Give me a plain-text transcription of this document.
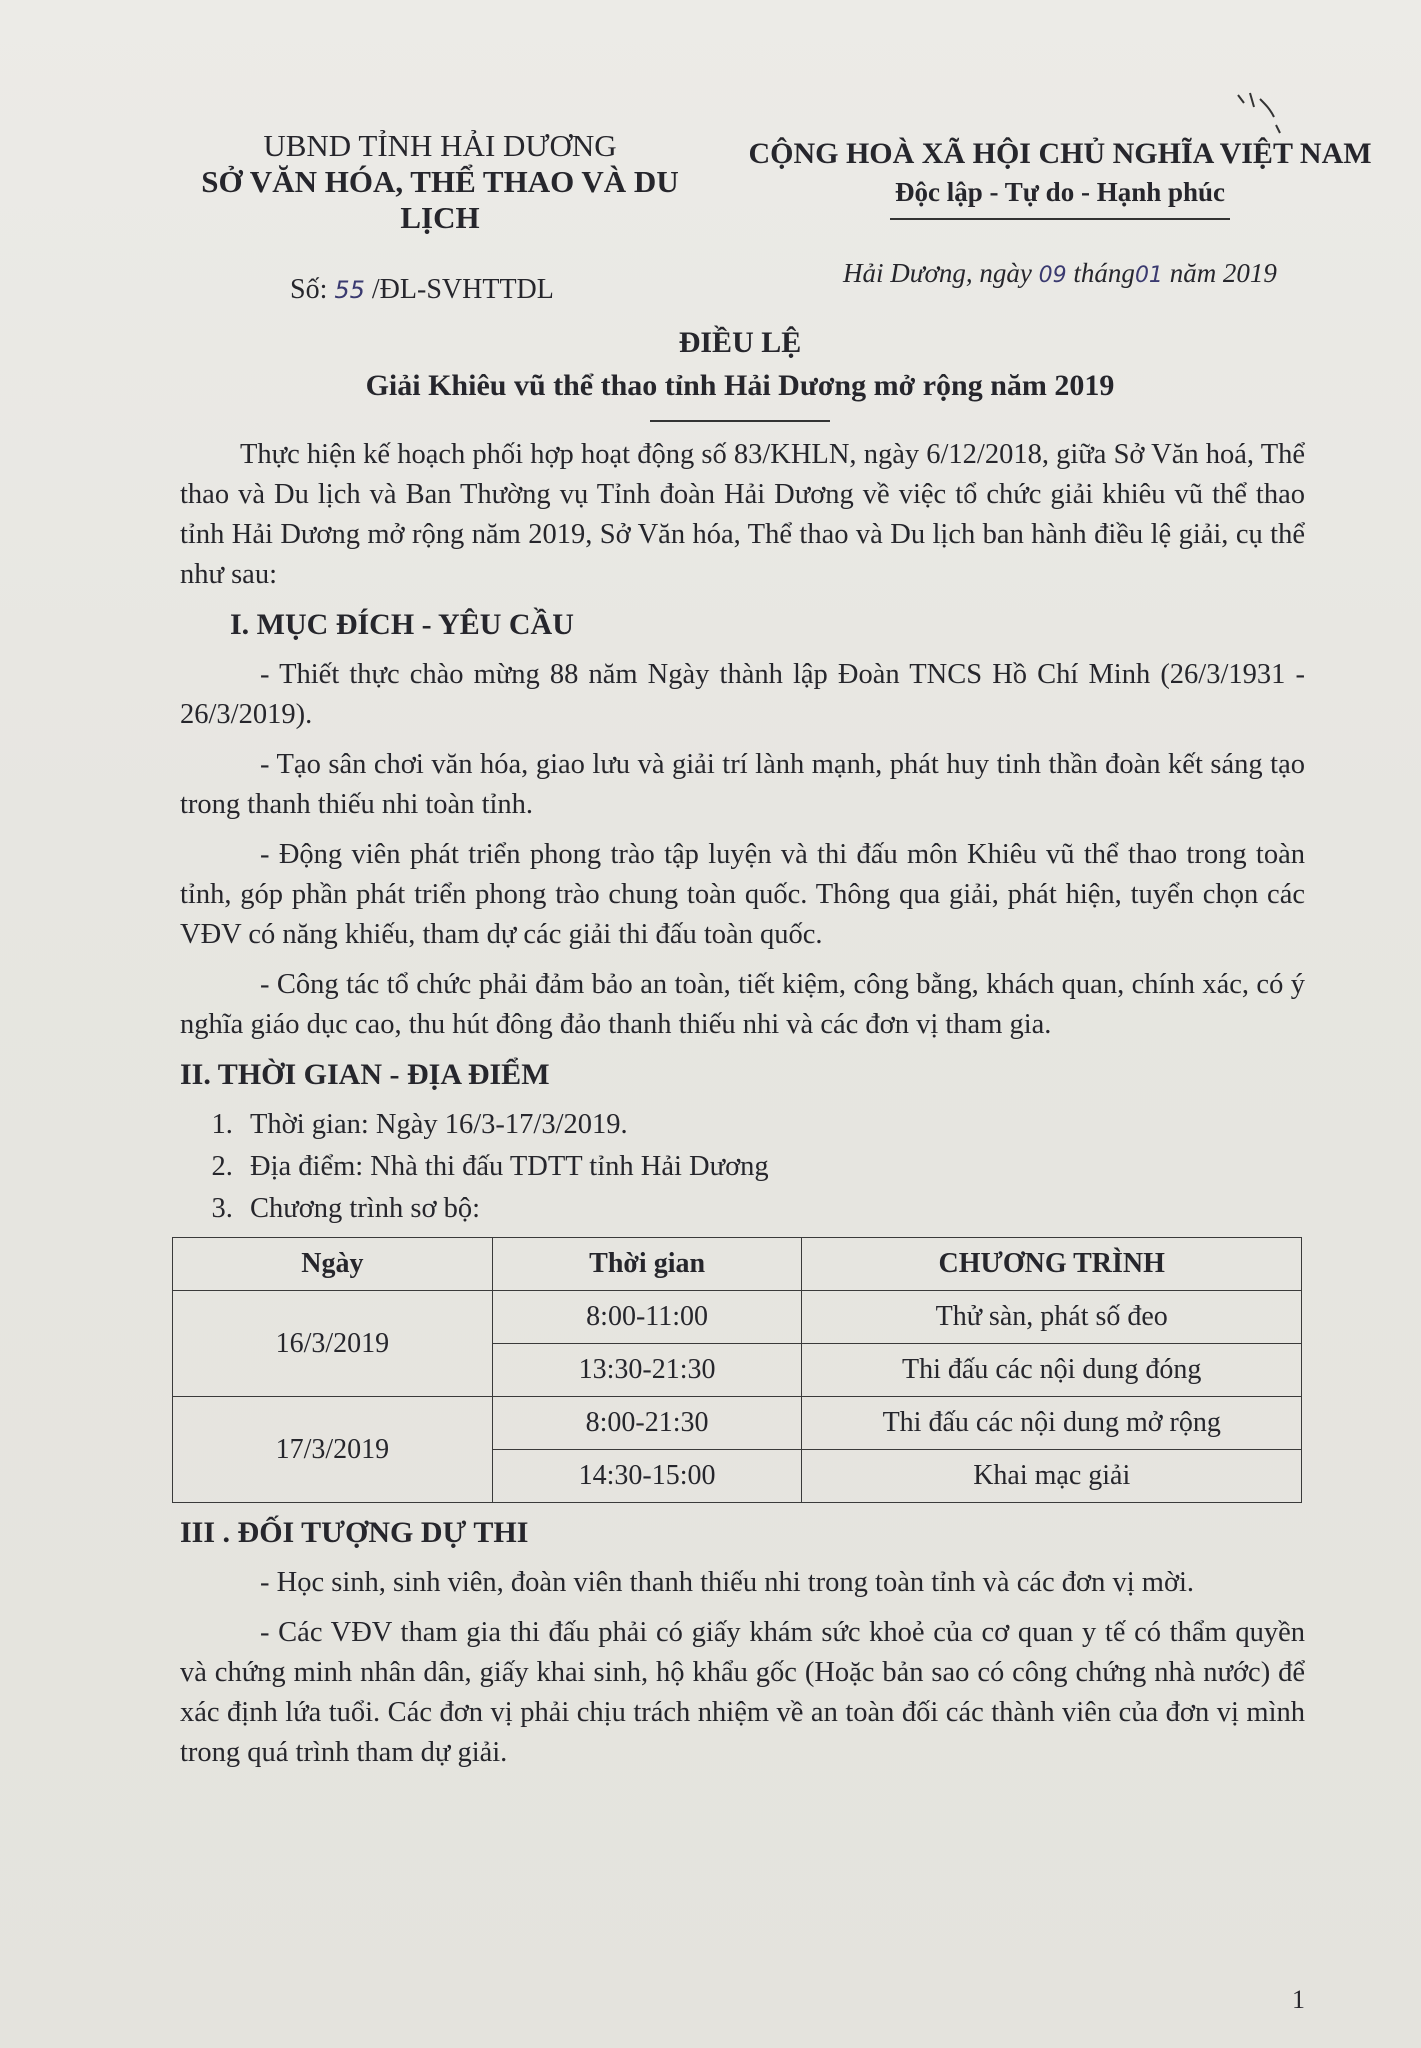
UBND TỈNH HẢI DƯƠNG
SỞ VĂN HÓA, THỂ THAO VÀ DU LỊCH
Số: 55 /ĐL-SVHTTDL
CỘNG HOÀ XÃ HỘI CHỦ NGHĨA VIỆT NAM
Độc lập - Tự do - Hạnh phúc
Hải Dương, ngày 09 tháng01 năm 2019
ĐIỀU LỆ
Giải Khiêu vũ thể thao tỉnh Hải Dương mở rộng năm 2019

Thực hiện kế hoạch phối hợp hoạt động số 83/KHLN, ngày 6/12/2018, giữa Sở Văn hoá, Thể thao và Du lịch và Ban Thường vụ Tỉnh đoàn Hải Dương về việc tổ chức giải khiêu vũ thể thao tỉnh Hải Dương mở rộng năm 2019, Sở Văn hóa, Thể thao và Du lịch ban hành điều lệ giải, cụ thể như sau:

I. MỤC ĐÍCH - YÊU CẦU

- Thiết thực chào mừng 88 năm Ngày thành lập Đoàn TNCS Hồ Chí Minh (26/3/1931 - 26/3/2019).

- Tạo sân chơi văn hóa, giao lưu và giải trí lành mạnh, phát huy tinh thần đoàn kết sáng tạo trong thanh thiếu nhi toàn tỉnh.

- Động viên phát triển phong trào tập luyện và thi đấu môn Khiêu vũ thể thao trong toàn tỉnh, góp phần phát triển phong trào chung toàn quốc. Thông qua giải, phát hiện, tuyển chọn các VĐV có năng khiếu, tham dự các giải thi đấu toàn quốc.

- Công tác tổ chức phải đảm bảo an toàn, tiết kiệm, công bằng, khách quan, chính xác, có ý nghĩa giáo dục cao, thu hút đông đảo thanh thiếu nhi và các đơn vị tham gia.

II. THỜI GIAN - ĐỊA ĐIỂM
1. Thời gian: Ngày 16/3-17/3/2019.
2. Địa điểm: Nhà thi đấu TDTT tỉnh Hải Dương
3. Chương trình sơ bộ:
Ngày	Thời gian	CHƯƠNG TRÌNH
16/3/2019	8:00-11:00	Thử sàn, phát số đeo
	13:30-21:30	Thi đấu các nội dung đóng
17/3/2019	8:00-21:30	Thi đấu các nội dung mở rộng
	14:30-15:00	Khai mạc giải
III . ĐỐI TƯỢNG DỰ THI

- Học sinh, sinh viên, đoàn viên thanh thiếu nhi trong toàn tỉnh và các đơn vị mời.

- Các VĐV tham gia thi đấu phải có giấy khám sức khoẻ của cơ quan y tế có thẩm quyền và chứng minh nhân dân, giấy khai sinh, hộ khẩu gốc (Hoặc bản sao có công chứng nhà nước) để xác định lứa tuổi. Các đơn vị phải chịu trách nhiệm về an toàn đối các thành viên của đơn vị mình trong quá trình tham dự giải.

1
